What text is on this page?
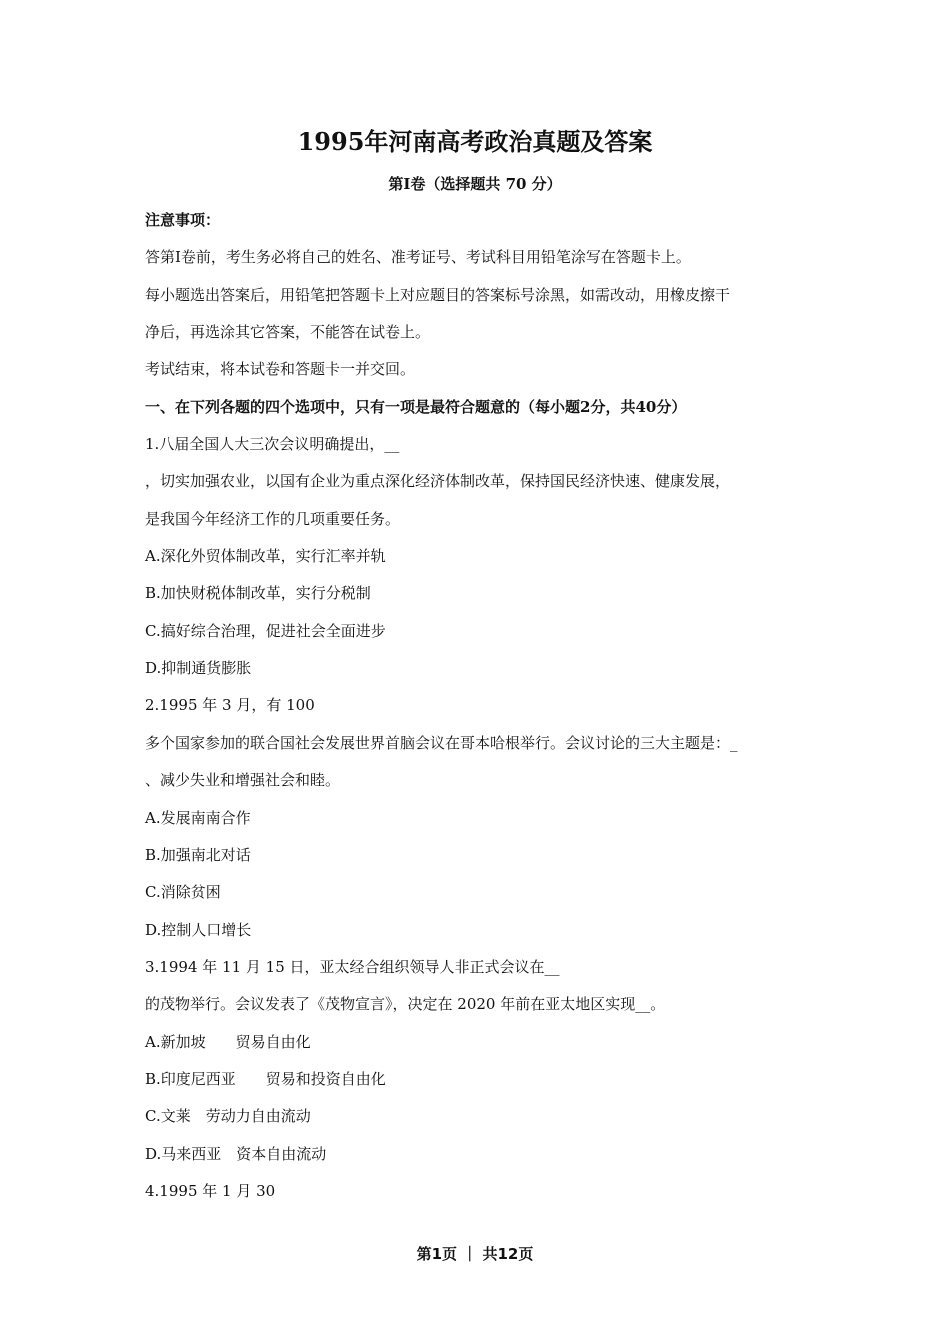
1995年河南高考政治真题及答案
第Ⅰ卷（选择题共 70 分）
注意事项：
答第Ⅰ卷前，考生务必将自己的姓名、准考证号、考试科目用铅笔涂写在答题卡上。
每小题选出答案后，用铅笔把答题卡上对应题目的答案标号涂黑，如需改动，用橡皮擦干
净后，再选涂其它答案，不能答在试卷上。
考试结束，将本试卷和答题卡一并交回。
一、在下列各题的四个选项中，只有一项是最符合题意的（每小题2分，共40分）
1.八届全国人大三次会议明确提出，__
，切实加强农业，以国有企业为重点深化经济体制改革，保持国民经济快速、健康发展，
是我国今年经济工作的几项重要任务。
A.深化外贸体制改革，实行汇率并轨
B.加快财税体制改革，实行分税制
C.搞好综合治理，促进社会全面进步
D.抑制通货膨胀
2.1995 年 3 月，有 100
多个国家参加的联合国社会发展世界首脑会议在哥本哈根举行。会议讨论的三大主题是：_
、减少失业和增强社会和睦。
A.发展南南合作
B.加强南北对话
C.消除贫困
D.控制人口增长
3.1994 年 11 月 15 日，亚太经合组织领导人非正式会议在__
的茂物举行。会议发表了《茂物宣言》，决定在 2020 年前在亚太地区实现__。
A.新加坡　　贸易自由化
B.印度尼西亚　　贸易和投资自由化
C.文莱　劳动力自由流动
D.马来西亚　资本自由流动
4.1995 年 1 月 30
第1页 ｜ 共12页
